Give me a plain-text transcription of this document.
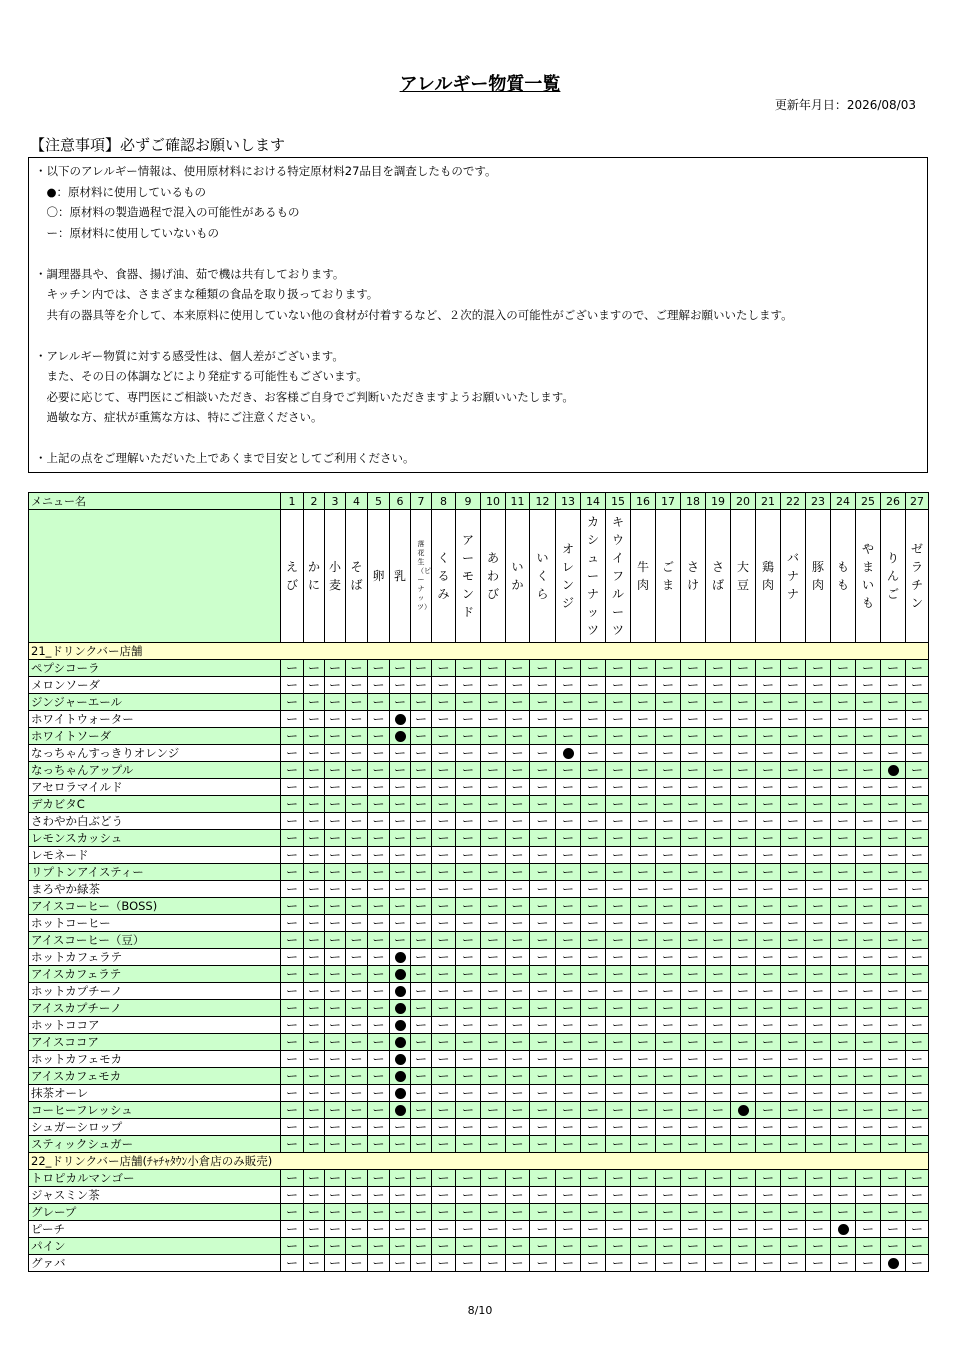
アレルギー物質一覧
更新年月日：2026/08/03
【注意事項】必ずご確認お願いします
・以下のアレルギー情報は、使用原材料における特定原材料27品目を調査したものです。
　●：原材料に使用しているもの
　〇：原材料の製造過程で混入の可能性があるもの
　ー：原材料に使用していないもの
・調理器具や、食器、揚げ油、茹で機は共有しております。
　キッチン内では、さまざまな種類の食品を取り扱っております。
　共有の器具等を介して、本来原料に使用していない他の食材が付着するなど、２次的混入の可能性がございますので、ご理解お願いいたします。
・アレルギー物質に対する感受性は、個人差がございます。
　また、その日の体調などにより発症する可能性もございます。
　必要に応じて、専門医にご相談いただき、お客様ご自身でご判断いただきますようお願いいたします。
　過敏な方、症状が重篤な方は、特にご注意ください。
・上記の点をご理解いただいた上であくまで目安としてご利用ください。
メニュー名	1	2	3	4	5	6	7	8	9	10	11	12	13	14	15	16	17	18	19	20	21	22	23	24	25	26	27
	えび	かに	小麦	そば	卵	乳	落花生（ピーナッツ）	くるみ	アーモンド	あわび	いか	いくら	オレンジ	カシューナッツ	キウイフルーツ	牛肉	ごま	さけ	さば	大豆	鶏肉	バナナ	豚肉	もも	やまいも	りんご	ゼラチン
21_ドリンクバー店舗																											
ペプシコーラ	ー	ー	ー	ー	ー	ー	ー	ー	ー	ー	ー	ー	ー	ー	ー	ー	ー	ー	ー	ー	ー	ー	ー	ー	ー	ー	ー
メロンソーダ	ー	ー	ー	ー	ー	ー	ー	ー	ー	ー	ー	ー	ー	ー	ー	ー	ー	ー	ー	ー	ー	ー	ー	ー	ー	ー	ー
ジンジャーエール	ー	ー	ー	ー	ー	ー	ー	ー	ー	ー	ー	ー	ー	ー	ー	ー	ー	ー	ー	ー	ー	ー	ー	ー	ー	ー	ー
ホワイトウォーター	ー	ー	ー	ー	ー		ー	ー	ー	ー	ー	ー	ー	ー	ー	ー	ー	ー	ー	ー	ー	ー	ー	ー	ー	ー	ー
ホワイトソーダ	ー	ー	ー	ー	ー		ー	ー	ー	ー	ー	ー	ー	ー	ー	ー	ー	ー	ー	ー	ー	ー	ー	ー	ー	ー	ー
なっちゃんすっきりオレンジ	ー	ー	ー	ー	ー	ー	ー	ー	ー	ー	ー	ー		ー	ー	ー	ー	ー	ー	ー	ー	ー	ー	ー	ー	ー	ー
なっちゃんアップル	ー	ー	ー	ー	ー	ー	ー	ー	ー	ー	ー	ー	ー	ー	ー	ー	ー	ー	ー	ー	ー	ー	ー	ー	ー		ー
アセロラマイルド	ー	ー	ー	ー	ー	ー	ー	ー	ー	ー	ー	ー	ー	ー	ー	ー	ー	ー	ー	ー	ー	ー	ー	ー	ー	ー	ー
デカビタC	ー	ー	ー	ー	ー	ー	ー	ー	ー	ー	ー	ー	ー	ー	ー	ー	ー	ー	ー	ー	ー	ー	ー	ー	ー	ー	ー
さわやか白ぶどう	ー	ー	ー	ー	ー	ー	ー	ー	ー	ー	ー	ー	ー	ー	ー	ー	ー	ー	ー	ー	ー	ー	ー	ー	ー	ー	ー
レモンスカッシュ	ー	ー	ー	ー	ー	ー	ー	ー	ー	ー	ー	ー	ー	ー	ー	ー	ー	ー	ー	ー	ー	ー	ー	ー	ー	ー	ー
レモネード	ー	ー	ー	ー	ー	ー	ー	ー	ー	ー	ー	ー	ー	ー	ー	ー	ー	ー	ー	ー	ー	ー	ー	ー	ー	ー	ー
リプトンアイスティー	ー	ー	ー	ー	ー	ー	ー	ー	ー	ー	ー	ー	ー	ー	ー	ー	ー	ー	ー	ー	ー	ー	ー	ー	ー	ー	ー
まろやか緑茶	ー	ー	ー	ー	ー	ー	ー	ー	ー	ー	ー	ー	ー	ー	ー	ー	ー	ー	ー	ー	ー	ー	ー	ー	ー	ー	ー
アイスコーヒー（BOSS)	ー	ー	ー	ー	ー	ー	ー	ー	ー	ー	ー	ー	ー	ー	ー	ー	ー	ー	ー	ー	ー	ー	ー	ー	ー	ー	ー
ホットコーヒー	ー	ー	ー	ー	ー	ー	ー	ー	ー	ー	ー	ー	ー	ー	ー	ー	ー	ー	ー	ー	ー	ー	ー	ー	ー	ー	ー
アイスコーヒー（豆）	ー	ー	ー	ー	ー	ー	ー	ー	ー	ー	ー	ー	ー	ー	ー	ー	ー	ー	ー	ー	ー	ー	ー	ー	ー	ー	ー
ホットカフェラテ	ー	ー	ー	ー	ー		ー	ー	ー	ー	ー	ー	ー	ー	ー	ー	ー	ー	ー	ー	ー	ー	ー	ー	ー	ー	ー
アイスカフェラテ	ー	ー	ー	ー	ー		ー	ー	ー	ー	ー	ー	ー	ー	ー	ー	ー	ー	ー	ー	ー	ー	ー	ー	ー	ー	ー
ホットカプチーノ	ー	ー	ー	ー	ー		ー	ー	ー	ー	ー	ー	ー	ー	ー	ー	ー	ー	ー	ー	ー	ー	ー	ー	ー	ー	ー
アイスカプチーノ	ー	ー	ー	ー	ー		ー	ー	ー	ー	ー	ー	ー	ー	ー	ー	ー	ー	ー	ー	ー	ー	ー	ー	ー	ー	ー
ホットココア	ー	ー	ー	ー	ー		ー	ー	ー	ー	ー	ー	ー	ー	ー	ー	ー	ー	ー	ー	ー	ー	ー	ー	ー	ー	ー
アイスココア	ー	ー	ー	ー	ー		ー	ー	ー	ー	ー	ー	ー	ー	ー	ー	ー	ー	ー	ー	ー	ー	ー	ー	ー	ー	ー
ホットカフェモカ	ー	ー	ー	ー	ー		ー	ー	ー	ー	ー	ー	ー	ー	ー	ー	ー	ー	ー	ー	ー	ー	ー	ー	ー	ー	ー
アイスカフェモカ	ー	ー	ー	ー	ー		ー	ー	ー	ー	ー	ー	ー	ー	ー	ー	ー	ー	ー	ー	ー	ー	ー	ー	ー	ー	ー
抹茶オーレ	ー	ー	ー	ー	ー		ー	ー	ー	ー	ー	ー	ー	ー	ー	ー	ー	ー	ー	ー	ー	ー	ー	ー	ー	ー	ー
コーヒーフレッシュ	ー	ー	ー	ー	ー		ー	ー	ー	ー	ー	ー	ー	ー	ー	ー	ー	ー	ー		ー	ー	ー	ー	ー	ー	ー
シュガーシロップ	ー	ー	ー	ー	ー	ー	ー	ー	ー	ー	ー	ー	ー	ー	ー	ー	ー	ー	ー	ー	ー	ー	ー	ー	ー	ー	ー
スティックシュガー	ー	ー	ー	ー	ー	ー	ー	ー	ー	ー	ー	ー	ー	ー	ー	ー	ー	ー	ー	ー	ー	ー	ー	ー	ー	ー	ー
22_ドリンクバー店舗(ﾁｬﾁｬﾀｳﾝ小倉店のみ販売)																											
トロピカルマンゴー	ー	ー	ー	ー	ー	ー	ー	ー	ー	ー	ー	ー	ー	ー	ー	ー	ー	ー	ー	ー	ー	ー	ー	ー	ー	ー	ー
ジャスミン茶	ー	ー	ー	ー	ー	ー	ー	ー	ー	ー	ー	ー	ー	ー	ー	ー	ー	ー	ー	ー	ー	ー	ー	ー	ー	ー	ー
グレープ	ー	ー	ー	ー	ー	ー	ー	ー	ー	ー	ー	ー	ー	ー	ー	ー	ー	ー	ー	ー	ー	ー	ー	ー	ー	ー	ー
ピーチ	ー	ー	ー	ー	ー	ー	ー	ー	ー	ー	ー	ー	ー	ー	ー	ー	ー	ー	ー	ー	ー	ー	ー		ー	ー	ー
パイン	ー	ー	ー	ー	ー	ー	ー	ー	ー	ー	ー	ー	ー	ー	ー	ー	ー	ー	ー	ー	ー	ー	ー	ー	ー	ー	ー
グァバ	ー	ー	ー	ー	ー	ー	ー	ー	ー	ー	ー	ー	ー	ー	ー	ー	ー	ー	ー	ー	ー	ー	ー	ー	ー		ー
8/10
